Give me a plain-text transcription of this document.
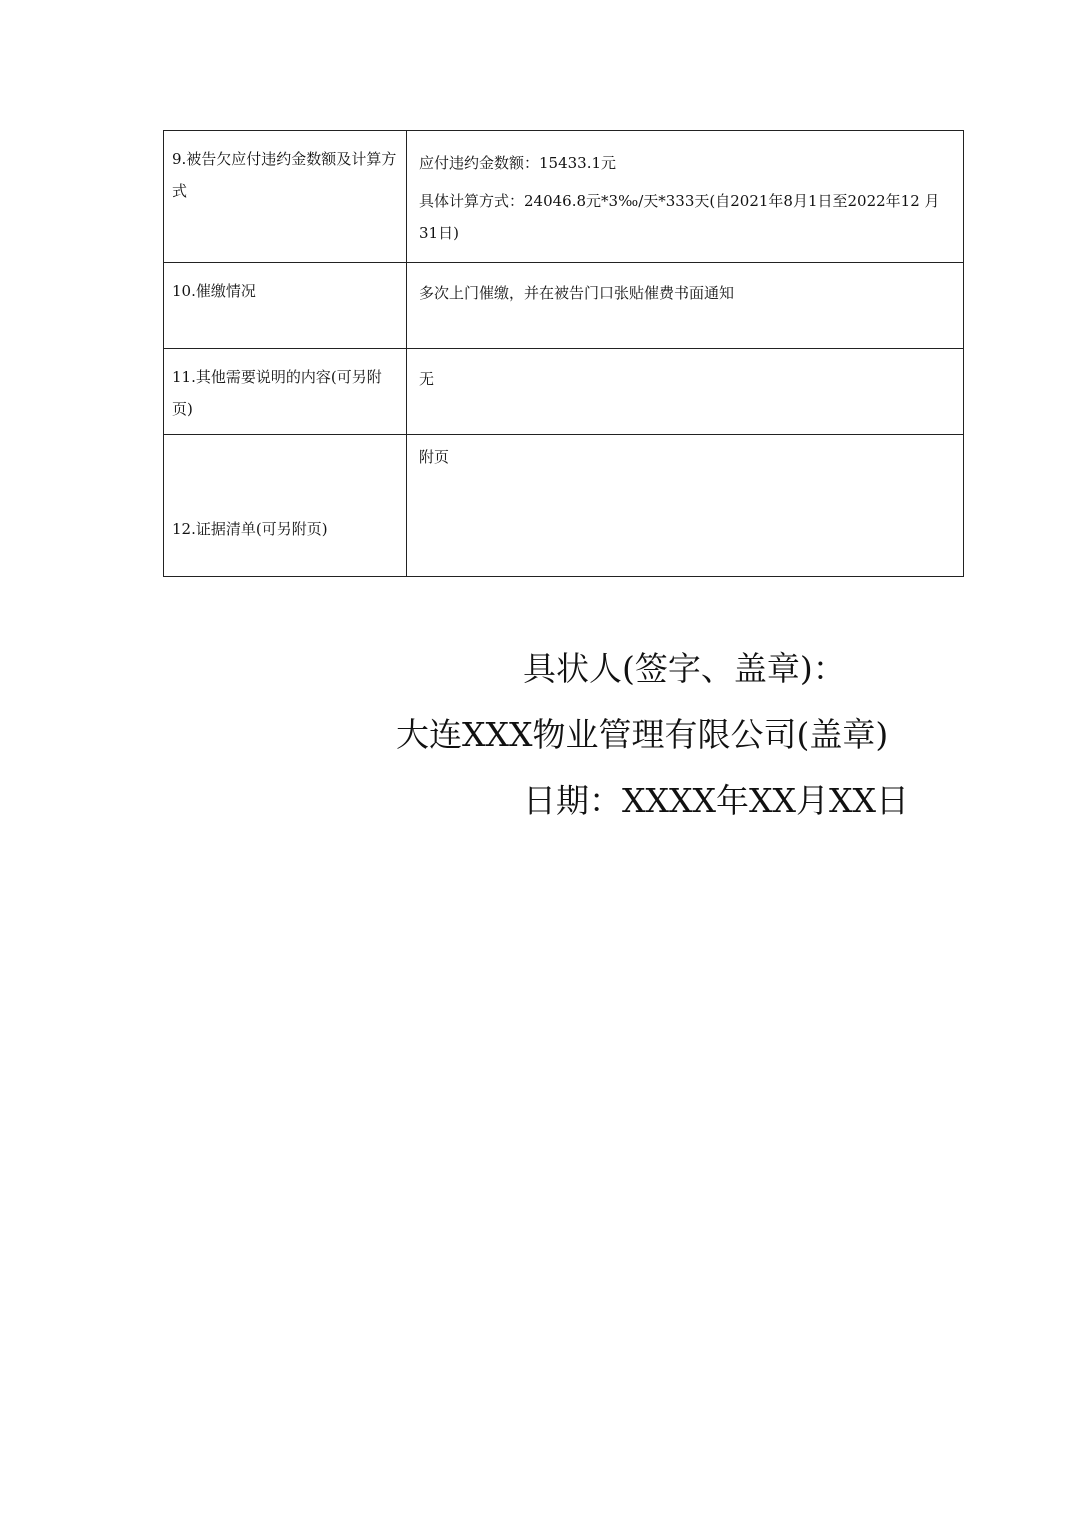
9.被告欠应付违约金数额及计算方式	应付违约金数额：15433.1元
具体计算方式：24046.8元*3‰/天*333天(自2021年8月1日至2022年12 月31日)

10.催缴情况	多次上门催缴，并在被告门口张贴催费书面通知

11.其他需要说明的内容(可另附页)	无

12.证据清单(可另附页)	附页
具状人(签字、盖章)：
大连XXX物业管理有限公司(盖章)
日期：XXXX年XX月XX日
